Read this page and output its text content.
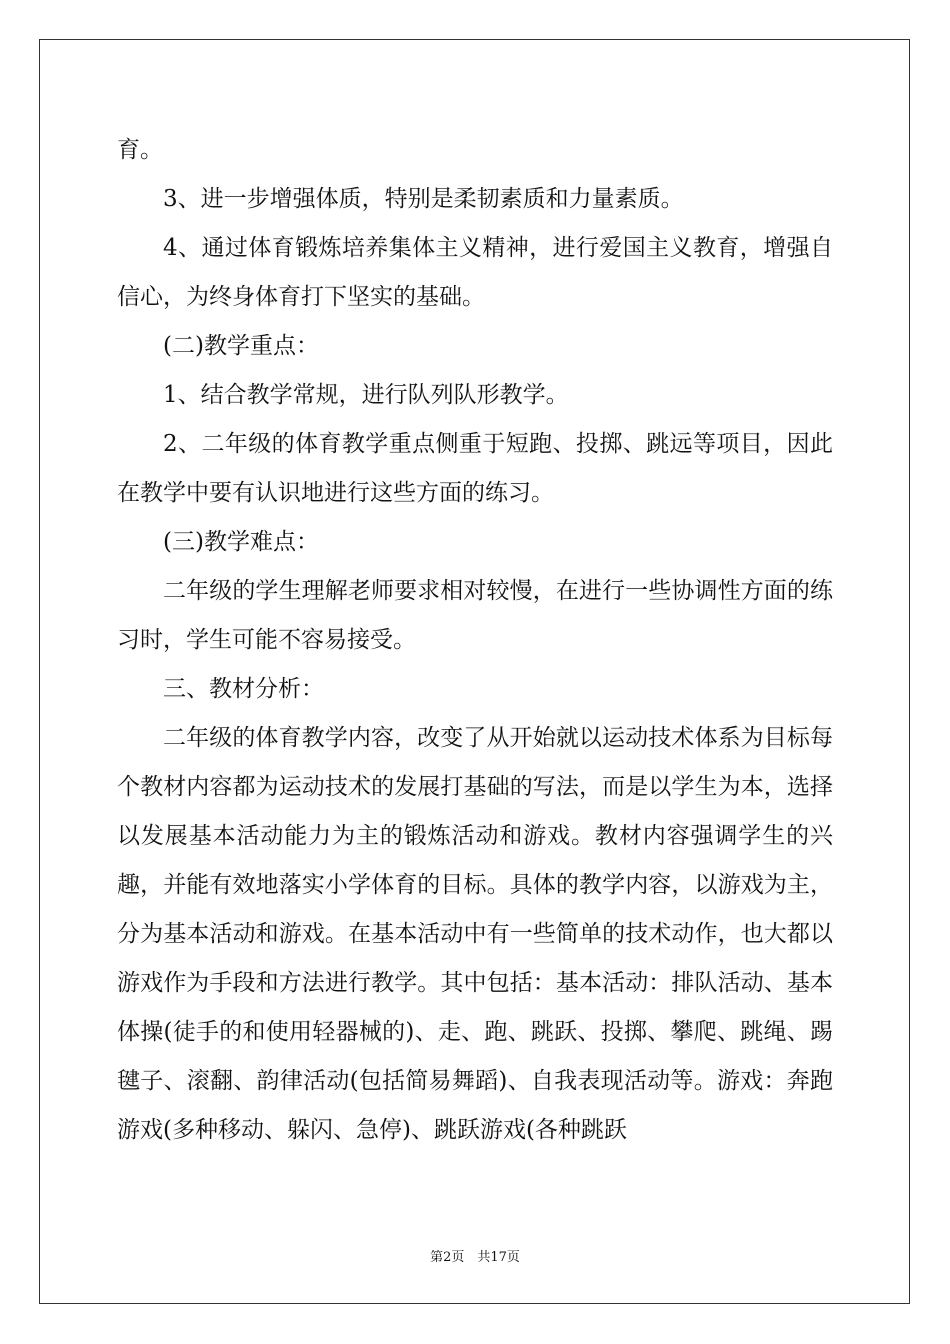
育。

3、进一步增强体质，特别是柔韧素质和力量素质。

4、通过体育锻炼培养集体主义精神，进行爱国主义教育，增强自信心，为终身体育打下坚实的基础。

(二)教学重点：

1、结合教学常规，进行队列队形教学。

2、二年级的体育教学重点侧重于短跑、投掷、跳远等项目，因此在教学中要有认识地进行这些方面的练习。

(三)教学难点：

二年级的学生理解老师要求相对较慢，在进行一些协调性方面的练习时，学生可能不容易接受。

三、教材分析：

二年级的体育教学内容，改变了从开始就以运动技术体系为目标每个教材内容都为运动技术的发展打基础的写法，而是以学生为本，选择以发展基本活动能力为主的锻炼活动和游戏。教材内容强调学生的兴趣，并能有效地落实小学体育的目标。具体的教学内容，以游戏为主，分为基本活动和游戏。在基本活动中有一些简单的技术动作，也大都以游戏作为手段和方法进行教学。其中包括：基本活动：排队活动、基本体操(徒手的和使用轻器械的)、走、跑、跳跃、投掷、攀爬、跳绳、踢毽子、滚翻、韵律活动(包括简易舞蹈)、自我表现活动等。游戏：奔跑游戏(多种移动、躲闪、急停)、跳跃游戏(各种跳跃

第2页　共17页
